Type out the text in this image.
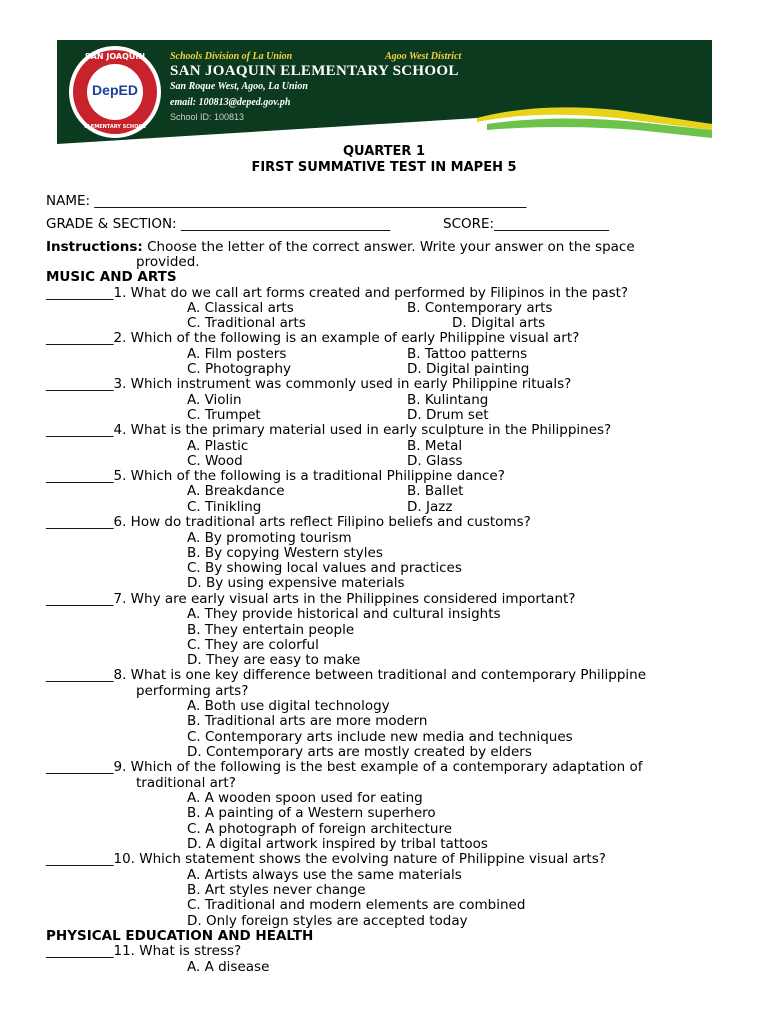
SAN JOAQUIN
DepED
ELEMENTARY SCHOOL
Schools Division of La Union	Agoo West District
SAN JOAQUIN ELEMENTARY SCHOOL
San Roque West, Agoo, La Union
email: 100813@deped.gov.ph
School ID: 100813
QUARTER 1
FIRST SUMMATIVE TEST IN MAPEH 5
NAME: ________________________________________________________________
GRADE & SECTION: _______________________________	SCORE:_________________
Instructions: Choose the letter of the correct answer. Write your answer on the space
provided.
MUSIC AND ARTS
__________1. What do we call art forms created and performed by Filipinos in the past?
A. Classical arts	B. Contemporary arts
C. Traditional arts	D. Digital arts
__________2. Which of the following is an example of early Philippine visual art?
A. Film posters	B. Tattoo patterns
C. Photography	D. Digital painting
__________3. Which instrument was commonly used in early Philippine rituals?
A. Violin	B. Kulintang
C. Trumpet	D. Drum set
__________4. What is the primary material used in early sculpture in the Philippines?
A. Plastic	B. Metal
C. Wood	D. Glass
__________5. Which of the following is a traditional Philippine dance?
A. Breakdance	B. Ballet
C. Tinikling	D. Jazz
__________6. How do traditional arts reflect Filipino beliefs and customs?
A. By promoting tourism
B. By copying Western styles
C. By showing local values and practices
D. By using expensive materials
__________7. Why are early visual arts in the Philippines considered important?
A. They provide historical and cultural insights
B. They entertain people
C. They are colorful
D. They are easy to make
__________8. What is one key difference between traditional and contemporary Philippine
performing arts?
A. Both use digital technology
B. Traditional arts are more modern
C. Contemporary arts include new media and techniques
D. Contemporary arts are mostly created by elders
__________9. Which of the following is the best example of a contemporary adaptation of
traditional art?
A. A wooden spoon used for eating
B. A painting of a Western superhero
C. A photograph of foreign architecture
D. A digital artwork inspired by tribal tattoos
__________10. Which statement shows the evolving nature of Philippine visual arts?
A. Artists always use the same materials
B. Art styles never change
C. Traditional and modern elements are combined
D. Only foreign styles are accepted today
PHYSICAL EDUCATION AND HEALTH
__________11. What is stress?
A. A disease
